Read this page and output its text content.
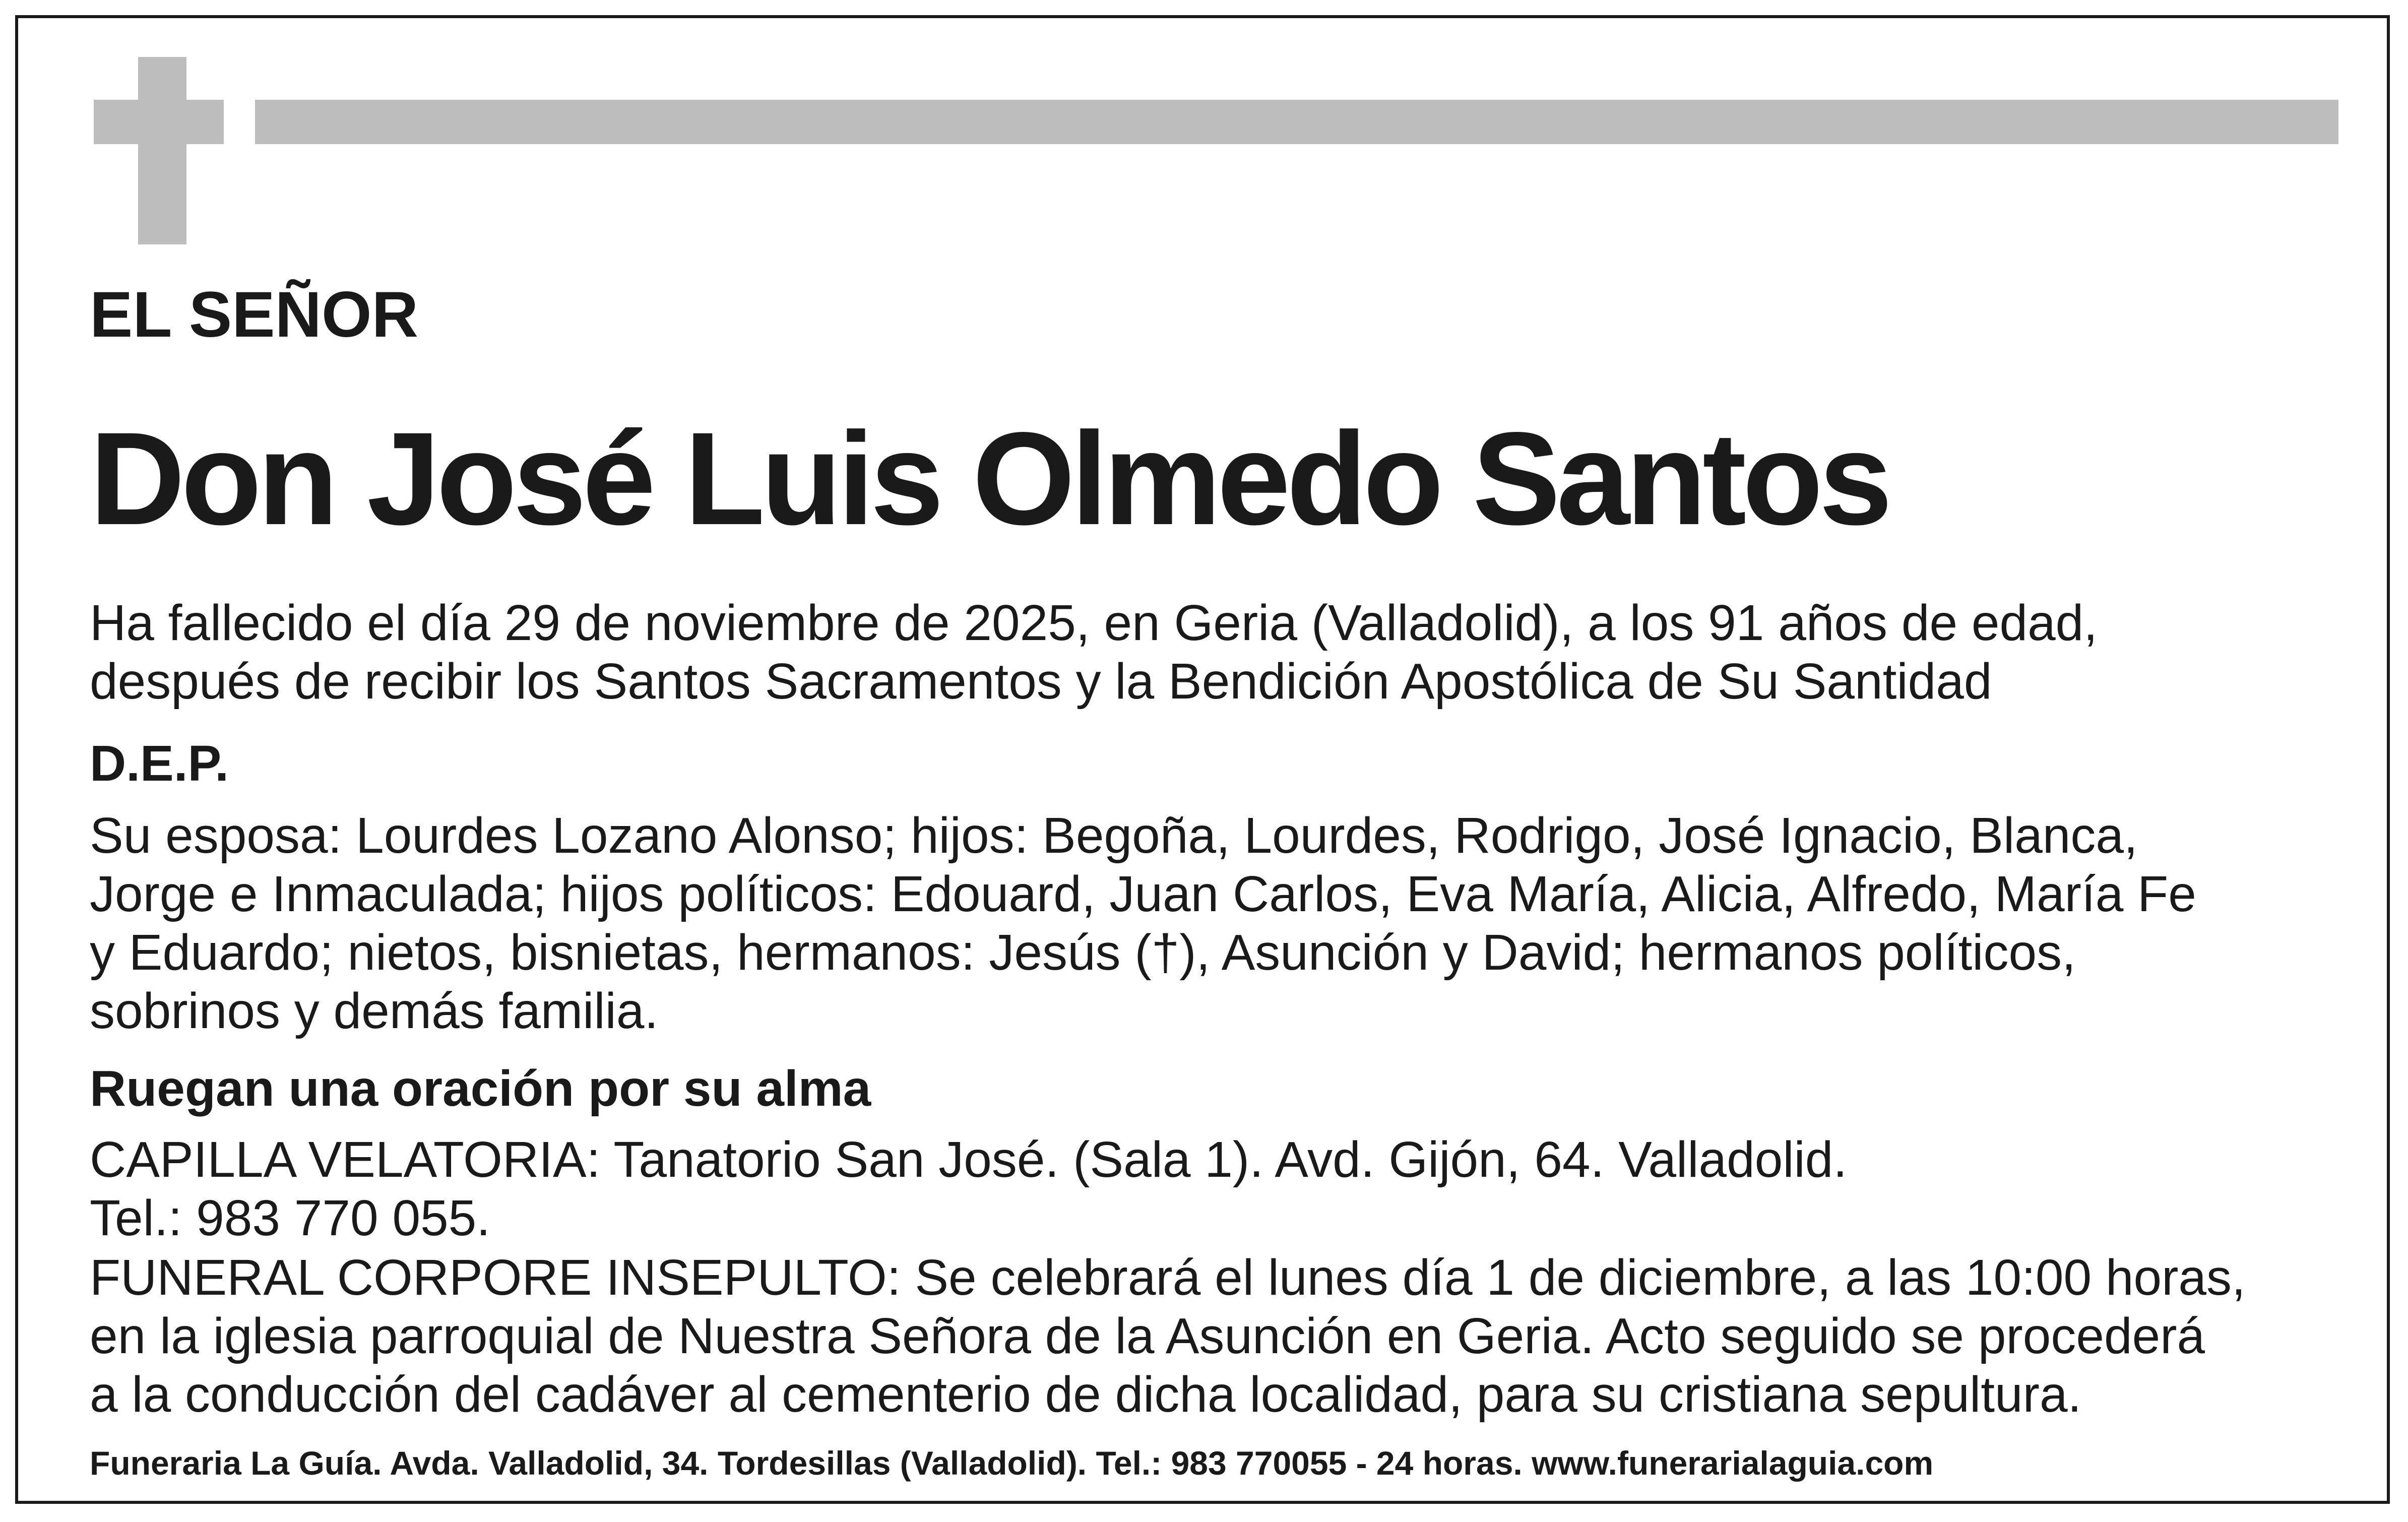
EL SEÑOR

Don José Luis Olmedo Santos

Ha fallecido el día 29 de noviembre de 2025, en Geria (Valladolid), a los 91 años de edad,
después de recibir los Santos Sacramentos y la Bendición Apostólica de Su Santidad

D.E.P.

Su esposa: Lourdes Lozano Alonso; hijos: Begoña, Lourdes, Rodrigo, José Ignacio, Blanca,
Jorge e Inmaculada; hijos políticos: Edouard, Juan Carlos, Eva María, Alicia, Alfredo, María Fe
y Eduardo; nietos, bisnietas, hermanos: Jesús (†), Asunción y David; hermanos políticos,
sobrinos y demás familia.

Ruegan una oración por su alma

CAPILLA VELATORIA: Tanatorio San José. (Sala 1). Avd. Gijón, 64. Valladolid.
Tel.: 983 770 055.

FUNERAL CORPORE INSEPULTO: Se celebrará el lunes día 1 de diciembre, a las 10:00 horas,
en la iglesia parroquial de Nuestra Señora de la Asunción en Geria. Acto seguido se procederá
a la conducción del cadáver al cementerio de dicha localidad, para su cristiana sepultura.

Funeraria La Guía. Avda. Valladolid, 34. Tordesillas (Valladolid). Tel.: 983 770055 - 24 horas. www.funerarialaguia.com
